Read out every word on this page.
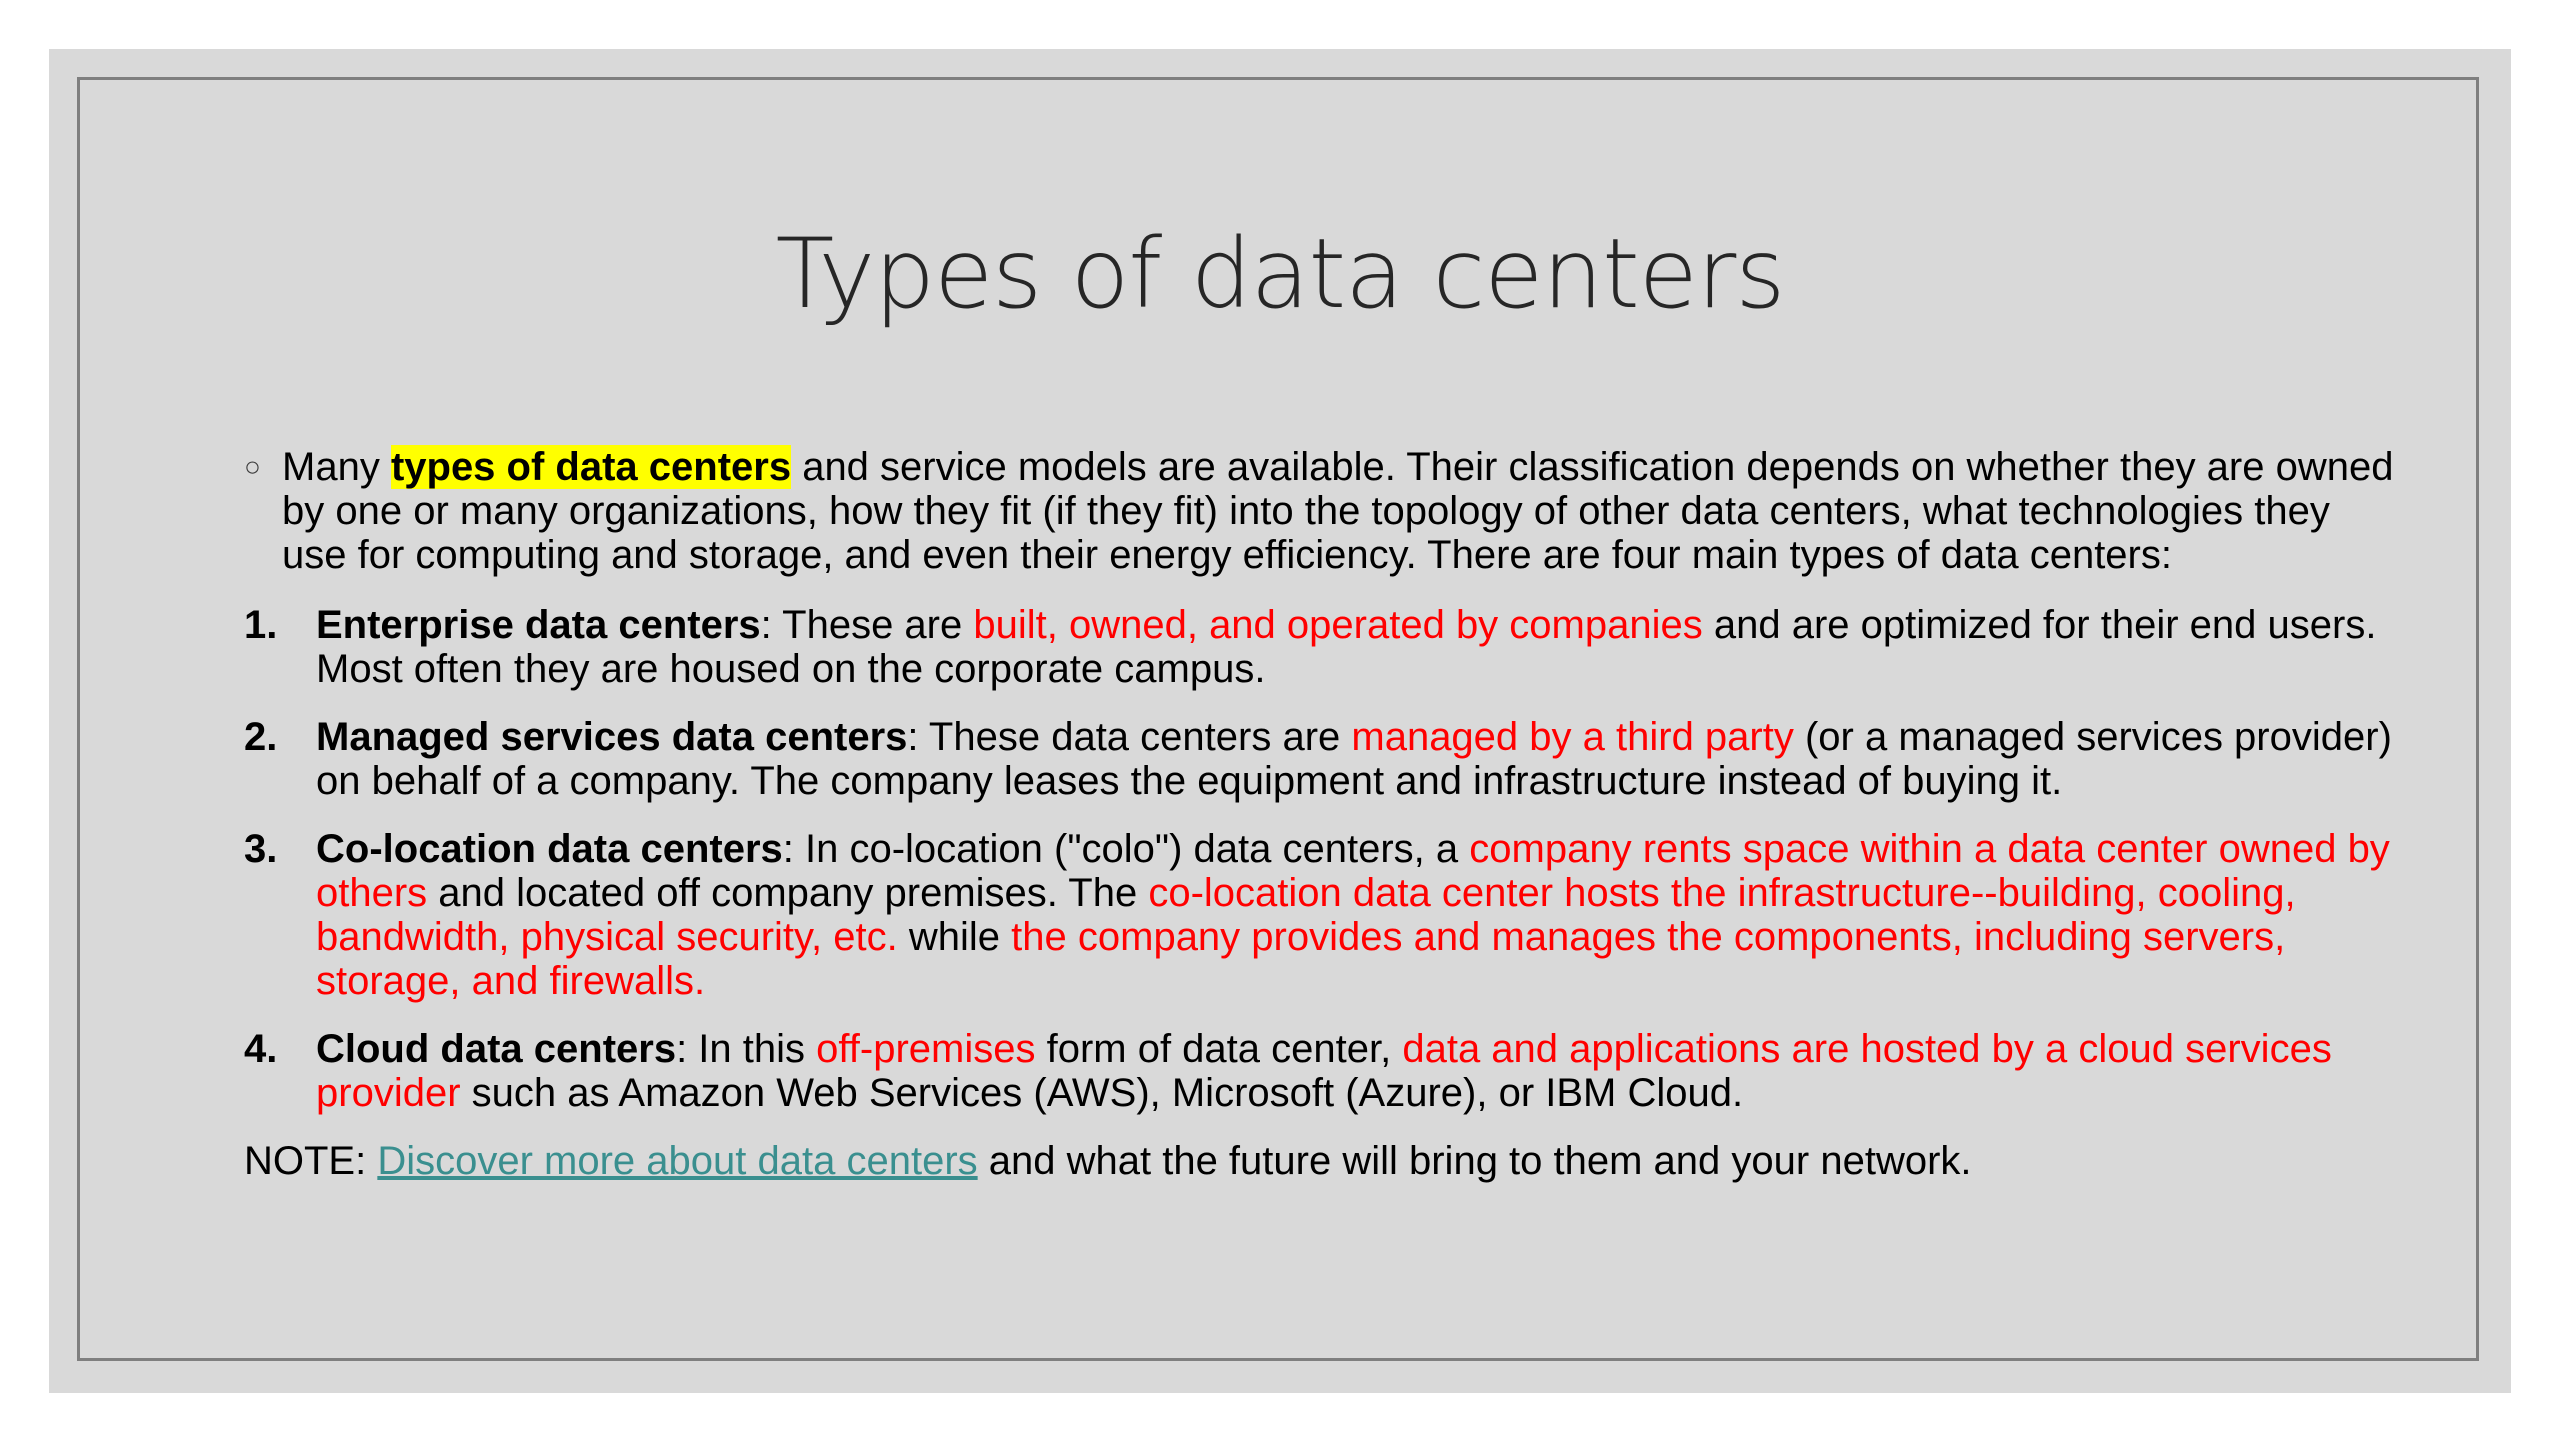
Types of data centers

○ Many types of data centers and service models are available. Their classification depends on whether they are owned by one or many organizations, how they fit (if they fit) into the topology of other data centers, what technologies they use for computing and storage, and even their energy efficiency. There are four main types of data centers:

1. Enterprise data centers: These are built, owned, and operated by companies and are optimized for their end users. Most often they are housed on the corporate campus.

2. Managed services data centers: These data centers are managed by a third party (or a managed services provider) on behalf of a company. The company leases the equipment and infrastructure instead of buying it.

3. Co-location data centers: In co-location ("colo") data centers, a company rents space within a data center owned by others and located off company premises. The co-location data center hosts the infrastructure--building, cooling, bandwidth, physical security, etc. while the company provides and manages the components, including servers, storage, and firewalls.

4. Cloud data centers: In this off-premises form of data center, data and applications are hosted by a cloud services provider such as Amazon Web Services (AWS), Microsoft (Azure), or IBM Cloud.

NOTE: Discover more about data centers and what the future will bring to them and your network.
